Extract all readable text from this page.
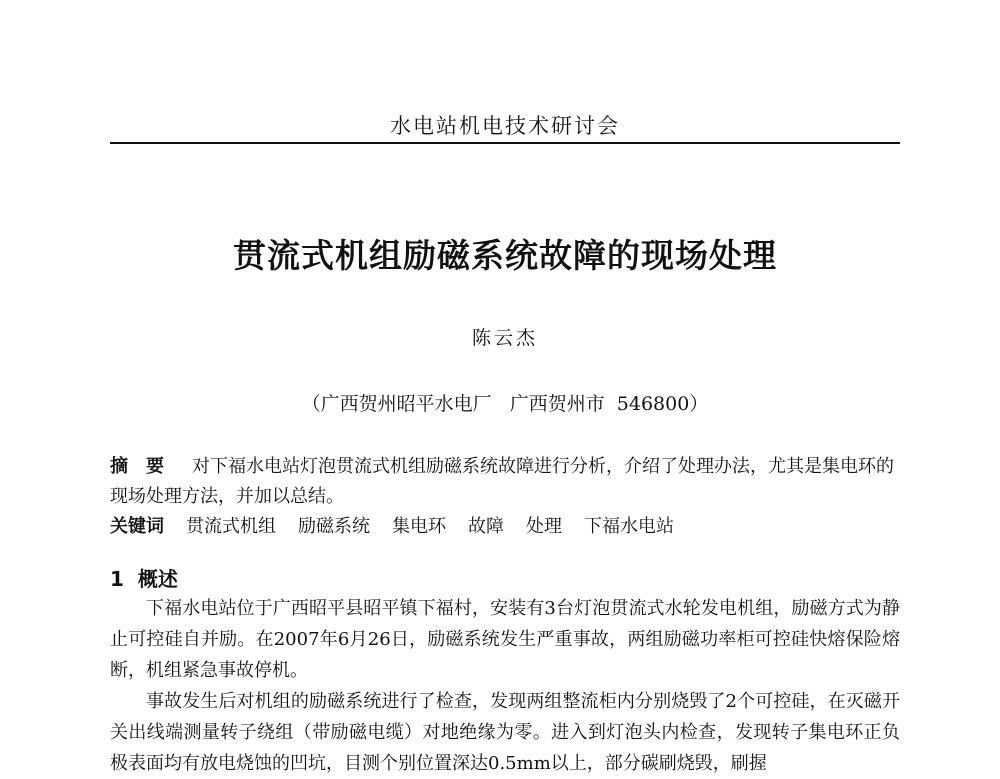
水电站机电技术研讨会
贯流式机组励磁系统故障的现场处理
陈云杰
（广西贺州昭平水电厂 广西贺州市 546800）
摘要 对下福水电站灯泡贯流式机组励磁系统故障进行分析，介绍了处理办法，尤其是集电环的现场处理方法，并加以总结。
关键词 贯流式机组 励磁系统 集电环 故障 处理 下福水电站
1 概述

下福水电站位于广西昭平县昭平镇下福村，安装有3台灯泡贯流式水轮发电机组，励磁方式为静止可控硅自并励。在2007年6月26日，励磁系统发生严重事故，两组励磁功率柜可控硅快熔保险熔断，机组紧急事故停机。

事故发生后对机组的励磁系统进行了检查，发现两组整流柜内分别烧毁了2个可控硅，在灭磁开关出线端测量转子绕组（带励磁电缆）对地绝缘为零。进入到灯泡头内检查，发现转子集电环正负极表面均有放电烧蚀的凹坑，目测个别位置深达0.5mm以上，部分碳刷烧毁，刷握
